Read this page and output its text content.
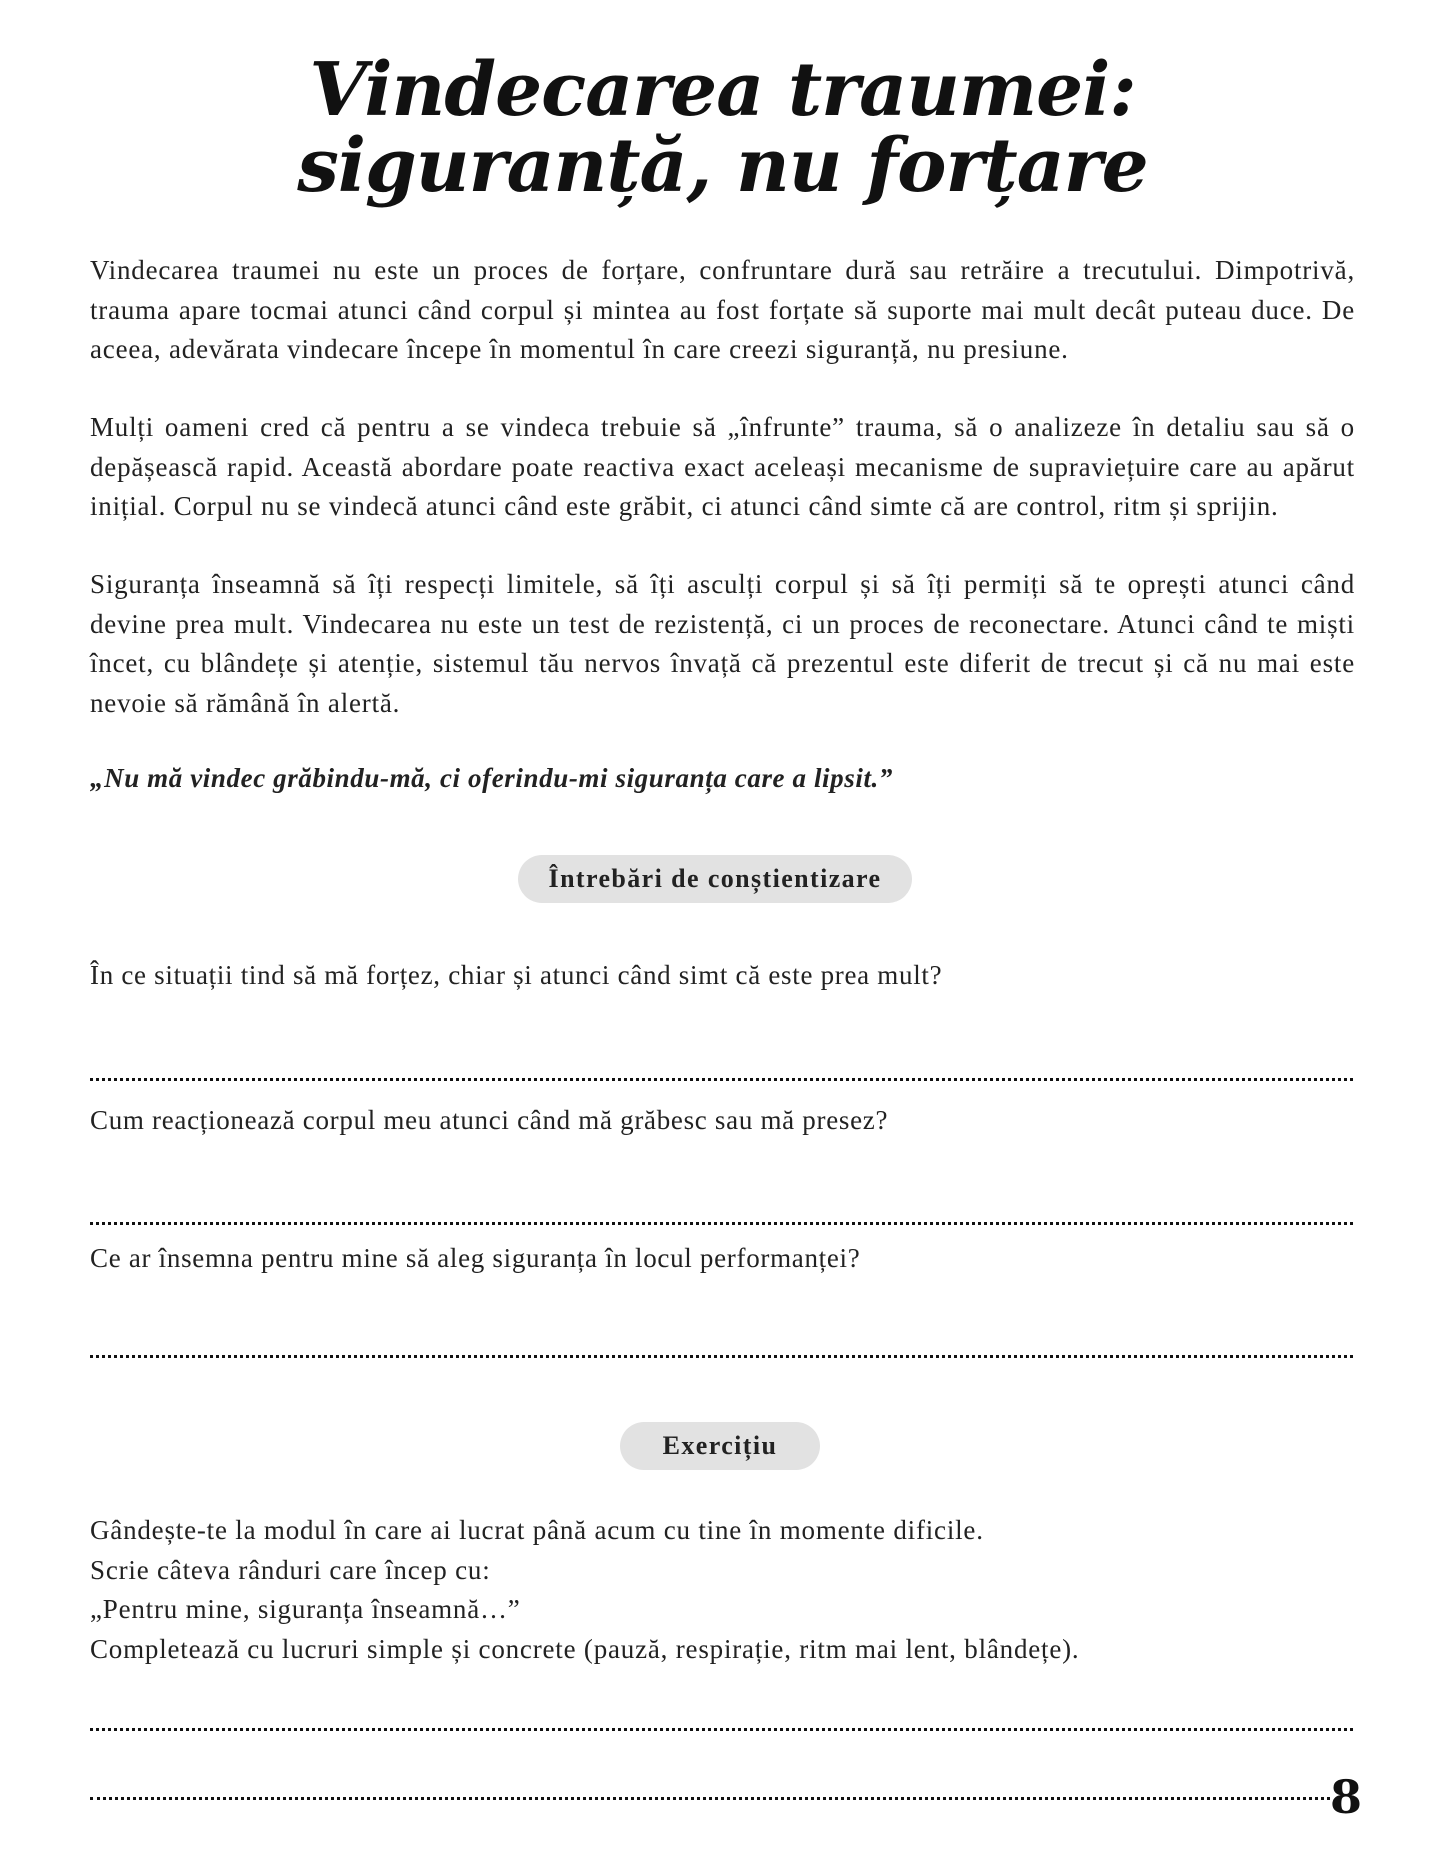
Vindecarea traumei: siguranță, nu forțare

Vindecarea traumei nu este un proces de forțare, confruntare dură sau retrăire a trecutului. Dimpotrivă, trauma apare tocmai atunci când corpul și mintea au fost forțate să suporte mai mult decât puteau duce. De aceea, adevărata vindecare începe în momentul în care creezi siguranță, nu presiune.

Mulți oameni cred că pentru a se vindeca trebuie să „înfrunte” trauma, să o analizeze în detaliu sau să o depășească rapid. Această abordare poate reactiva exact aceleași mecanisme de supraviețuire care au apărut inițial. Corpul nu se vindecă atunci când este grăbit, ci atunci când simte că are control, ritm și sprijin.

Siguranța înseamnă să îți respecți limitele, să îți asculți corpul și să îți permiți să te oprești atunci când devine prea mult. Vindecarea nu este un test de rezistență, ci un proces de reconectare. Atunci când te miști încet, cu blândețe și atenție, sistemul tău nervos învață că prezentul este diferit de trecut și că nu mai este nevoie să rămână în alertă.

„Nu mă vindec grăbindu-mă, ci oferindu-mi siguranța care a lipsit.”

Întrebări de conștientizare

În ce situații tind să mă forțez, chiar și atunci când simt că este prea mult?

Cum reacționează corpul meu atunci când mă grăbesc sau mă presez?

Ce ar însemna pentru mine să aleg siguranța în locul performanței?

Exercițiu
Gândește-te la modul în care ai lucrat până acum cu tine în momente dificile.
Scrie câteva rânduri care încep cu:
„Pentru mine, siguranța înseamnă…”
Completează cu lucruri simple și concrete (pauză, respirație, ritm mai lent, blândețe).
8
